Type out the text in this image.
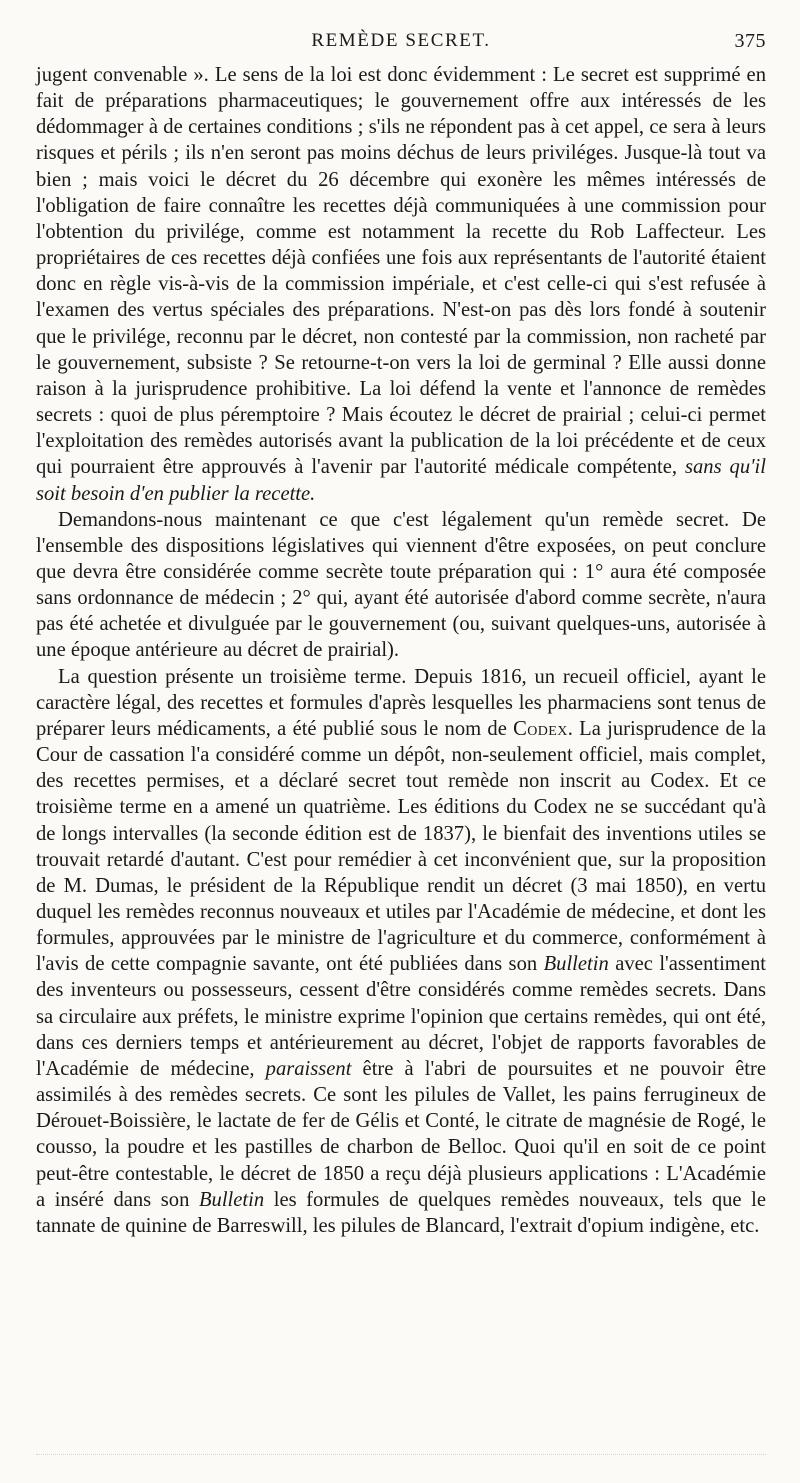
REMÈDE SECRET.	375

jugent convenable ». Le sens de la loi est donc évidemment : Le secret est supprimé en fait de préparations pharmaceutiques; le gouvernement offre aux intéressés de les dédommager à de certaines conditions ; s'ils ne répondent pas à cet appel, ce sera à leurs risques et périls ; ils n'en seront pas moins déchus de leurs priviléges. Jusque-là tout va bien ; mais voici le décret du 26 décembre qui exonère les mêmes intéressés de l'obligation de faire connaître les recettes déjà communiquées à une commission pour l'obtention du privilége, comme est notamment la recette du Rob Laffecteur. Les propriétaires de ces recettes déjà confiées une fois aux représentants de l'autorité étaient donc en règle vis-à-vis de la commission impériale, et c'est celle-ci qui s'est refusée à l'examen des vertus spéciales des préparations. N'est-on pas dès lors fondé à soutenir que le privilége, reconnu par le décret, non contesté par la commission, non racheté par le gouvernement, subsiste ? Se retourne-t-on vers la loi de germinal ? Elle aussi donne raison à la jurisprudence prohibitive. La loi défend la vente et l'annonce de remèdes secrets : quoi de plus péremptoire ? Mais écoutez le décret de prairial ; celui-ci permet l'exploitation des remèdes autorisés avant la publication de la loi précédente et de ceux qui pourraient être approuvés à l'avenir par l'autorité médicale compétente, sans qu'il soit besoin d'en publier la recette.

Demandons-nous maintenant ce que c'est légalement qu'un remède secret. De l'ensemble des dispositions législatives qui viennent d'être exposées, on peut conclure que devra être considérée comme secrète toute préparation qui : 1° aura été composée sans ordonnance de médecin ; 2° qui, ayant été autorisée d'abord comme secrète, n'aura pas été achetée et divulguée par le gouvernement (ou, suivant quelques-uns, autorisée à une époque antérieure au décret de prairial).

La question présente un troisième terme. Depuis 1816, un recueil officiel, ayant le caractère légal, des recettes et formules d'après lesquelles les pharmaciens sont tenus de préparer leurs médicaments, a été publié sous le nom de Codex. La jurisprudence de la Cour de cassation l'a considéré comme un dépôt, non-seulement officiel, mais complet, des recettes permises, et a déclaré secret tout remède non inscrit au Codex. Et ce troisième terme en a amené un quatrième. Les éditions du Codex ne se succédant qu'à de longs intervalles (la seconde édition est de 1837), le bienfait des inventions utiles se trouvait retardé d'autant. C'est pour remédier à cet inconvénient que, sur la proposition de M. Dumas, le président de la République rendit un décret (3 mai 1850), en vertu duquel les remèdes reconnus nouveaux et utiles par l'Académie de médecine, et dont les formules, approuvées par le ministre de l'agriculture et du commerce, conformément à l'avis de cette compagnie savante, ont été publiées dans son Bulletin avec l'assentiment des inventeurs ou possesseurs, cessent d'être considérés comme remèdes secrets. Dans sa circulaire aux préfets, le ministre exprime l'opinion que certains remèdes, qui ont été, dans ces derniers temps et antérieurement au décret, l'objet de rapports favorables de l'Académie de médecine, paraissent être à l'abri de poursuites et ne pouvoir être assimilés à des remèdes secrets. Ce sont les pilules de Vallet, les pains ferrugineux de Dérouet-Boissière, le lactate de fer de Gélis et Conté, le citrate de magnésie de Rogé, le cousso, la poudre et les pastilles de charbon de Belloc. Quoi qu'il en soit de ce point peut-être contestable, le décret de 1850 a reçu déjà plusieurs applications : L'Académie a inséré dans son Bulletin les formules de quelques remèdes nouveaux, tels que le tannate de quinine de Barreswill, les pilules de Blancard, l'extrait d'opium indigène, etc.
